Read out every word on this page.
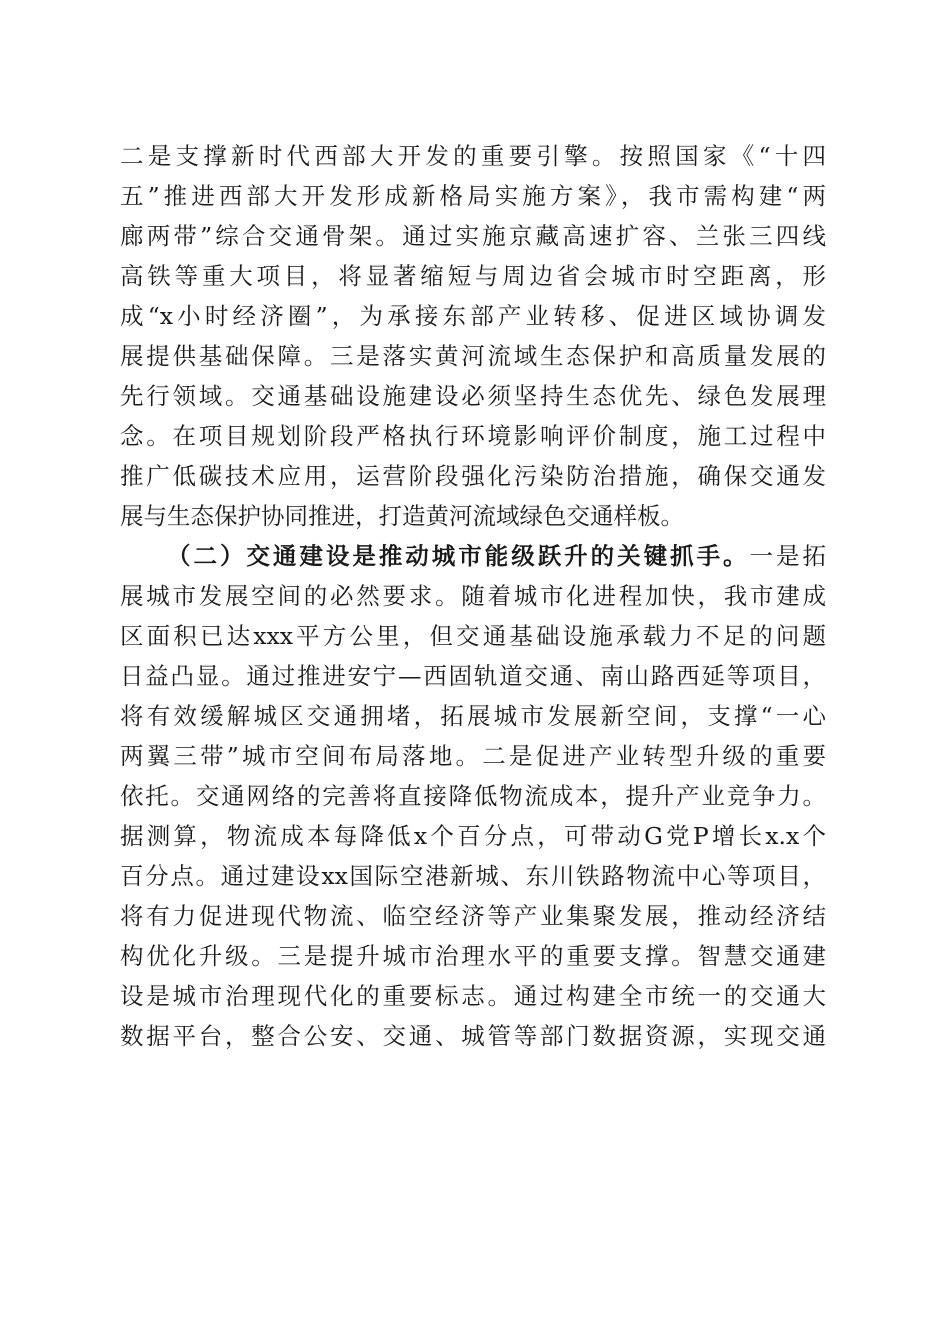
二是支撑新时代西部大开发的重要引擎。按照国家《“十四
五”推进西部大开发形成新格局实施方案》，我市需构建“两
廊两带”综合交通骨架。通过实施京藏高速扩容、兰张三四线
高铁等重大项目，将显著缩短与周边省会城市时空距离，形
成“x小时经济圈”，为承接东部产业转移、促进区域协调发
展提供基础保障。三是落实黄河流域生态保护和高质量发展的
先行领域。交通基础设施建设必须坚持生态优先、绿色发展理
念。在项目规划阶段严格执行环境影响评价制度，施工过程中
推广低碳技术应用，运营阶段强化污染防治措施，确保交通发
展与生态保护协同推进，打造黄河流域绿色交通样板。
（二）交通建设是推动城市能级跃升的关键抓手。一是拓
展城市发展空间的必然要求。随着城市化进程加快，我市建成
区面积已达xxx平方公里，但交通基础设施承载力不足的问题
日益凸显。通过推进安宁—西固轨道交通、南山路西延等项目，
将有效缓解城区交通拥堵，拓展城市发展新空间，支撑“一心
两翼三带”城市空间布局落地。二是促进产业转型升级的重要
依托。交通网络的完善将直接降低物流成本，提升产业竞争力。
据测算，物流成本每降低x个百分点，可带动G党P增长x.x个
百分点。通过建设xx国际空港新城、东川铁路物流中心等项目，
将有力促进现代物流、临空经济等产业集聚发展，推动经济结
构优化升级。三是提升城市治理水平的重要支撑。智慧交通建
设是城市治理现代化的重要标志。通过构建全市统一的交通大
数据平台，整合公安、交通、城管等部门数据资源，实现交通
